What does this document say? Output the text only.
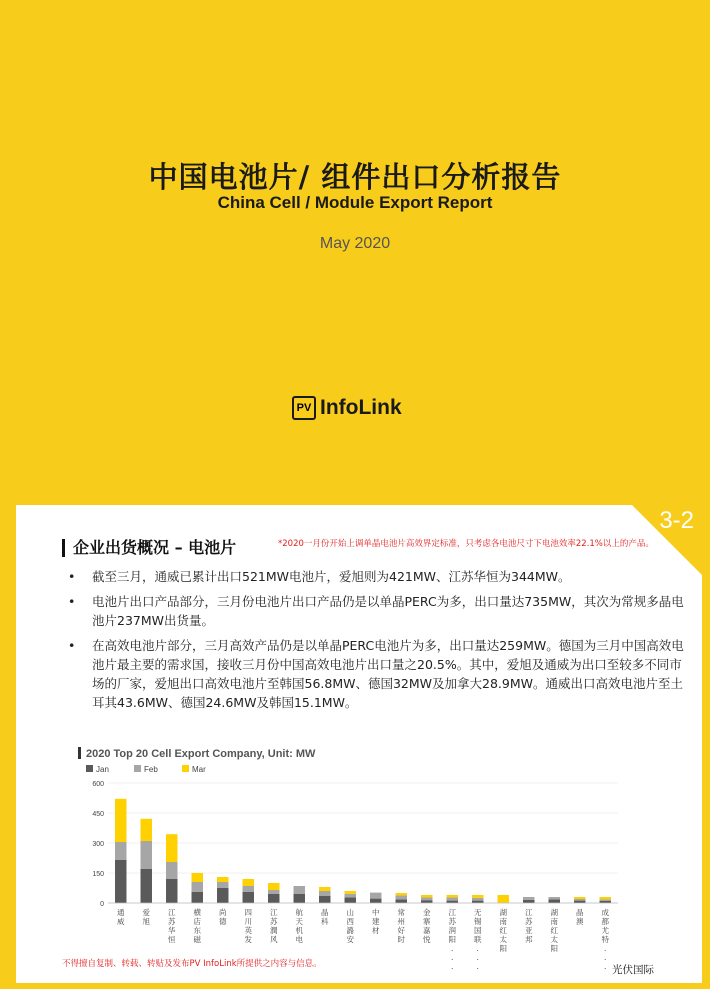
中国电池片/ 组件出口分析报告
China Cell / Module Export Report
May 2020
PV InfoLink
3-2
企业出货概况 – 电池片	*2020一月份开始上调单晶电池片高效界定标准，只考虑各电池尺寸下电池效率22.1%以上的产品。
• 截至三月，通威已累计出口521MW电池片，爱旭则为421MW、江苏华恒为344MW。
• 电池片出口产品部分，三月份电池片出口产品仍是以单晶PERC为多，出口量达735MW，其次为常规多晶电池片237MW出货量。
• 在高效电池片部分，三月高效产品仍是以单晶PERC电池片为多，出口量达259MW。德国为三月中国高效电池片最主要的需求国，接收三月份中国高效电池片出口量之20.5%。其中，爱旭及通威为出口至较多不同市场的厂家，爱旭出口高效电池片至韩国56.8MW、德国32MW及加拿大28.9MW。通威出口高效电池片至土耳其43.6MW、德国24.6MW及韩国15.1MW。
2020 Top 20 Cell Export Company, Unit: MW
Jan	Feb	Mar
0
150
300
450
600
通威
爱旭
江苏华恒
横店东磁
尚德
四川英发
江苏潤风
航天机电
晶科
山西潞安
中建材
常州好时
金寨嘉悦
江苏润阳. . .
无锡国联. . .
湖南红太阳
江苏亚邦
湖南红太阳
晶澳
成都尤特. . .
不得擅自复制、转载、转贴及发布PV InfoLink所提供之内容与信息。	光伏国际
